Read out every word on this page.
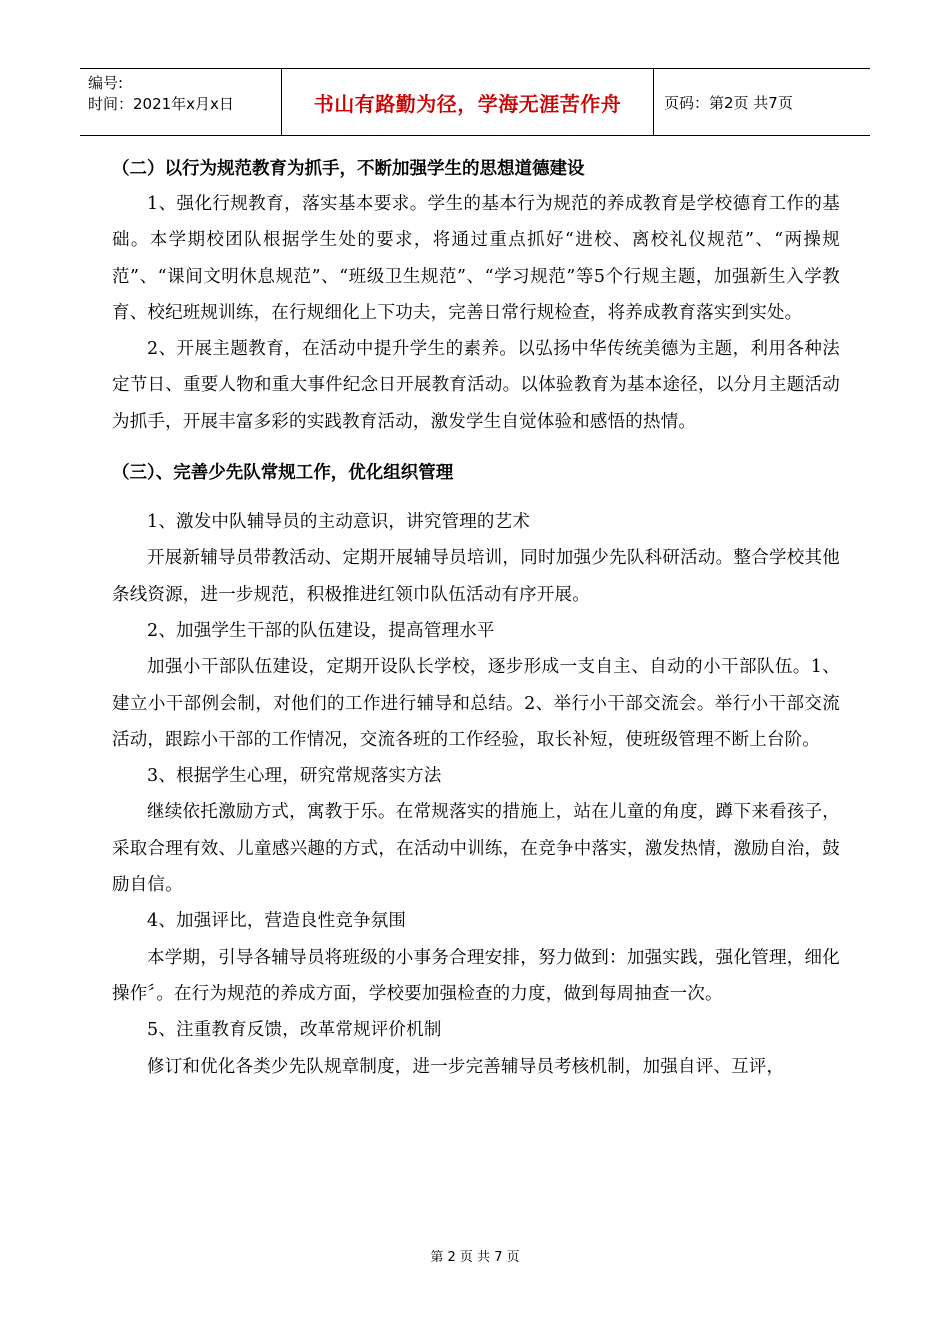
编号:
时间：2021年x月x日	书山有路勤为径，学海无涯苦作舟	页码：第2页 共7页

（二）以行为规范教育为抓手，不断加强学生的思想道德建设

1、强化行规教育，落实基本要求。学生的基本行为规范的养成教育是学校德育工作的基础。本学期校团队根据学生处的要求，将通过重点抓好“进校、离校礼仪规范”、“两操规范”、“课间文明休息规范”、“班级卫生规范”、“学习规范”等5个行规主题，加强新生入学教育、校纪班规训练，在行规细化上下功夫，完善日常行规检查，将养成教育落实到实处。

2、开展主题教育，在活动中提升学生的素养。以弘扬中华传统美德为主题，利用各种法定节日、重要人物和重大事件纪念日开展教育活动。以体验教育为基本途径，以分月主题活动为抓手，开展丰富多彩的实践教育活动，激发学生自觉体验和感悟的热情。

（三）、完善少先队常规工作，优化组织管理

1、激发中队辅导员的主动意识，讲究管理的艺术

开展新辅导员带教活动、定期开展辅导员培训，同时加强少先队科研活动。整合学校其他条线资源，进一步规范，积极推进红领巾队伍活动有序开展。

2、加强学生干部的队伍建设，提高管理水平

加强小干部队伍建设，定期开设队长学校，逐步形成一支自主、自动的小干部队伍。1、建立小干部例会制，对他们的工作进行辅导和总结。2、举行小干部交流会。举行小干部交流活动，跟踪小干部的工作情况，交流各班的工作经验，取长补短，使班级管理不断上台阶。

3、根据学生心理，研究常规落实方法

继续依托激励方式，寓教于乐。在常规落实的措施上，站在儿童的角度，蹲下来看孩子，采取合理有效、儿童感兴趣的方式，在活动中训练，在竞争中落实，激发热情，激励自治，鼓励自信。

4、加强评比，营造良性竞争氛围

本学期，引导各辅导员将班级的小事务合理安排，努力做到：加强实践，强化管理，细化操作〞。在行为规范的养成方面，学校要加强检查的力度，做到每周抽查一次。

5、注重教育反馈，改革常规评价机制

修订和优化各类少先队规章制度，进一步完善辅导员考核机制，加强自评、互评，

第 2 页 共 7 页
